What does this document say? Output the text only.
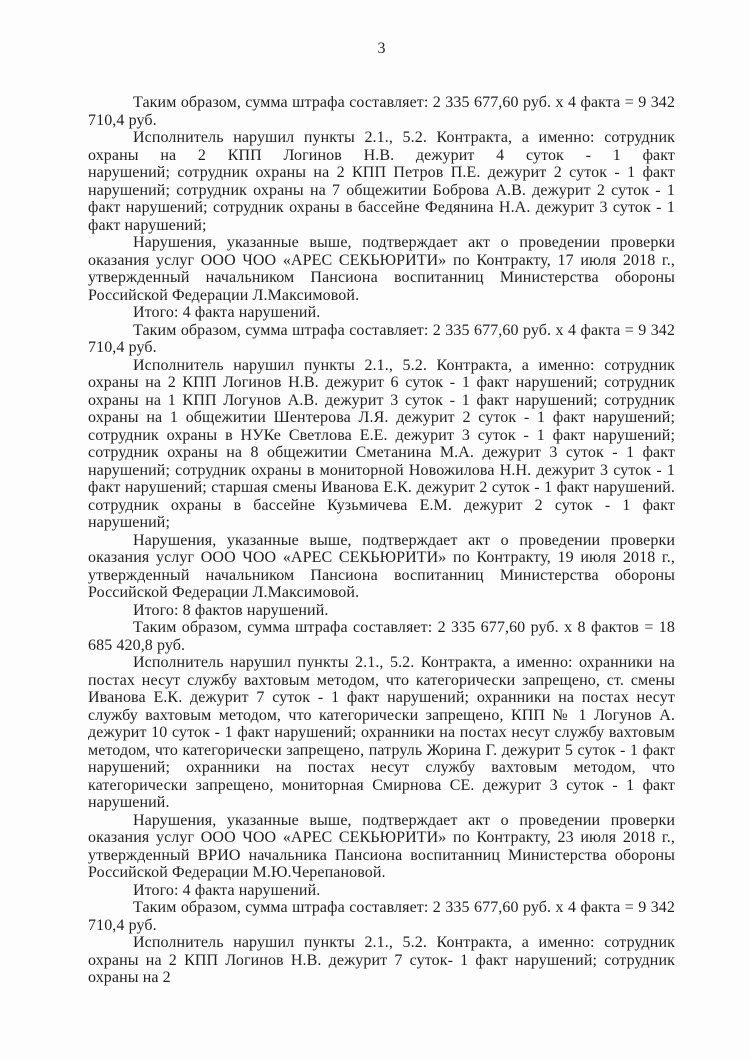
3

Таким образом, сумма штрафа составляет: 2 335 677,60 руб. х 4 факта = 9 342 710,4 руб.

Исполнитель нарушил пункты 2.1., 5.2. Контракта, а именно: сотрудник охраны на 2 КПП Логинов Н.В. дежурит 4 суток - 1 факт
нарушений; сотрудник охраны на 2 КПП Петров П.Е. дежурит 2 суток - 1 факт нарушений; сотрудник охраны на 7 общежитии Боброва А.В. дежурит 2 суток - 1 факт нарушений; сотрудник охраны в бассейне Федянина Н.А. дежурит 3 суток - 1 факт нарушений;

Нарушения, указанные выше, подтверждает акт о проведении проверки оказания услуг ООО ЧОО «АРЕС СЕКЬЮРИТИ» по Контракту, 17 июля 2018 г., утвержденный начальником Пансиона воспитанниц Министерства обороны Российской Федерации Л.Максимовой.

Итого: 4 факта нарушений.

Таким образом, сумма штрафа составляет: 2 335 677,60 руб. х 4 факта = 9 342 710,4 руб.

Исполнитель нарушил пункты 2.1., 5.2. Контракта, а именно: сотрудник охраны на 2 КПП Логинов Н.В. дежурит 6 суток - 1 факт нарушений; сотрудник охраны на 1 КПП Логунов А.В. дежурит 3 суток - 1 факт нарушений; сотрудник охраны на 1 общежитии Шентерова Л.Я. дежурит 2 суток - 1 факт нарушений; сотрудник охраны в НУКе Светлова Е.Е. дежурит 3 суток - 1 факт нарушений; сотрудник охраны на 8 общежитии Сметанина М.А. дежурит 3 суток - 1 факт нарушений; сотрудник охраны в мониторной Новожилова Н.Н. дежурит 3 суток - 1 факт нарушений; старшая смены Иванова Е.К. дежурит 2 суток - 1 факт нарушений. сотрудник охраны в бассейне Кузьмичева Е.М. дежурит 2 суток - 1 факт
нарушений;

Нарушения, указанные выше, подтверждает акт о проведении проверки оказания услуг ООО ЧОО «АРЕС СЕКЬЮРИТИ» по Контракту, 19 июля 2018 г., утвержденный начальником Пансиона воспитанниц Министерства обороны Российской Федерации Л.Максимовой.

Итого: 8 фактов нарушений.

Таким образом, сумма штрафа составляет: 2 335 677,60 руб. х 8 фактов = 18 685 420,8 руб.

Исполнитель нарушил пункты 2.1., 5.2. Контракта, а именно: охранники на постах несут службу вахтовым методом, что категорически запрещено, ст. смены Иванова Е.К. дежурит 7 суток - 1 факт нарушений; охранники на постах несут службу вахтовым методом, что категорически запрещено, КПП № 1 Логунов А. дежурит 10 суток - 1 факт нарушений; охранники на постах несут службу вахтовым методом, что категорически запрещено, патруль Жорина Г. дежурит 5 суток - 1 факт нарушений; охранники на постах несут службу вахтовым методом, что категорически запрещено, мониторная Смирнова СЕ. дежурит 3 суток - 1 факт нарушений.

Нарушения, указанные выше, подтверждает акт о проведении проверки оказания услуг ООО ЧОО «АРЕС СЕКЬЮРИТИ» по Контракту, 23 июля 2018 г., утвержденный ВРИО начальника Пансиона воспитанниц Министерства обороны Российской Федерации М.Ю.Черепановой.

Итого: 4 факта нарушений.

Таким образом, сумма штрафа составляет: 2 335 677,60 руб. х 4 факта = 9 342 710,4 руб.

Исполнитель нарушил пункты 2.1., 5.2. Контракта, а именно: сотрудник охраны на 2 КПП Логинов Н.В. дежурит 7 суток- 1 факт нарушений; сотрудник охраны на 2
